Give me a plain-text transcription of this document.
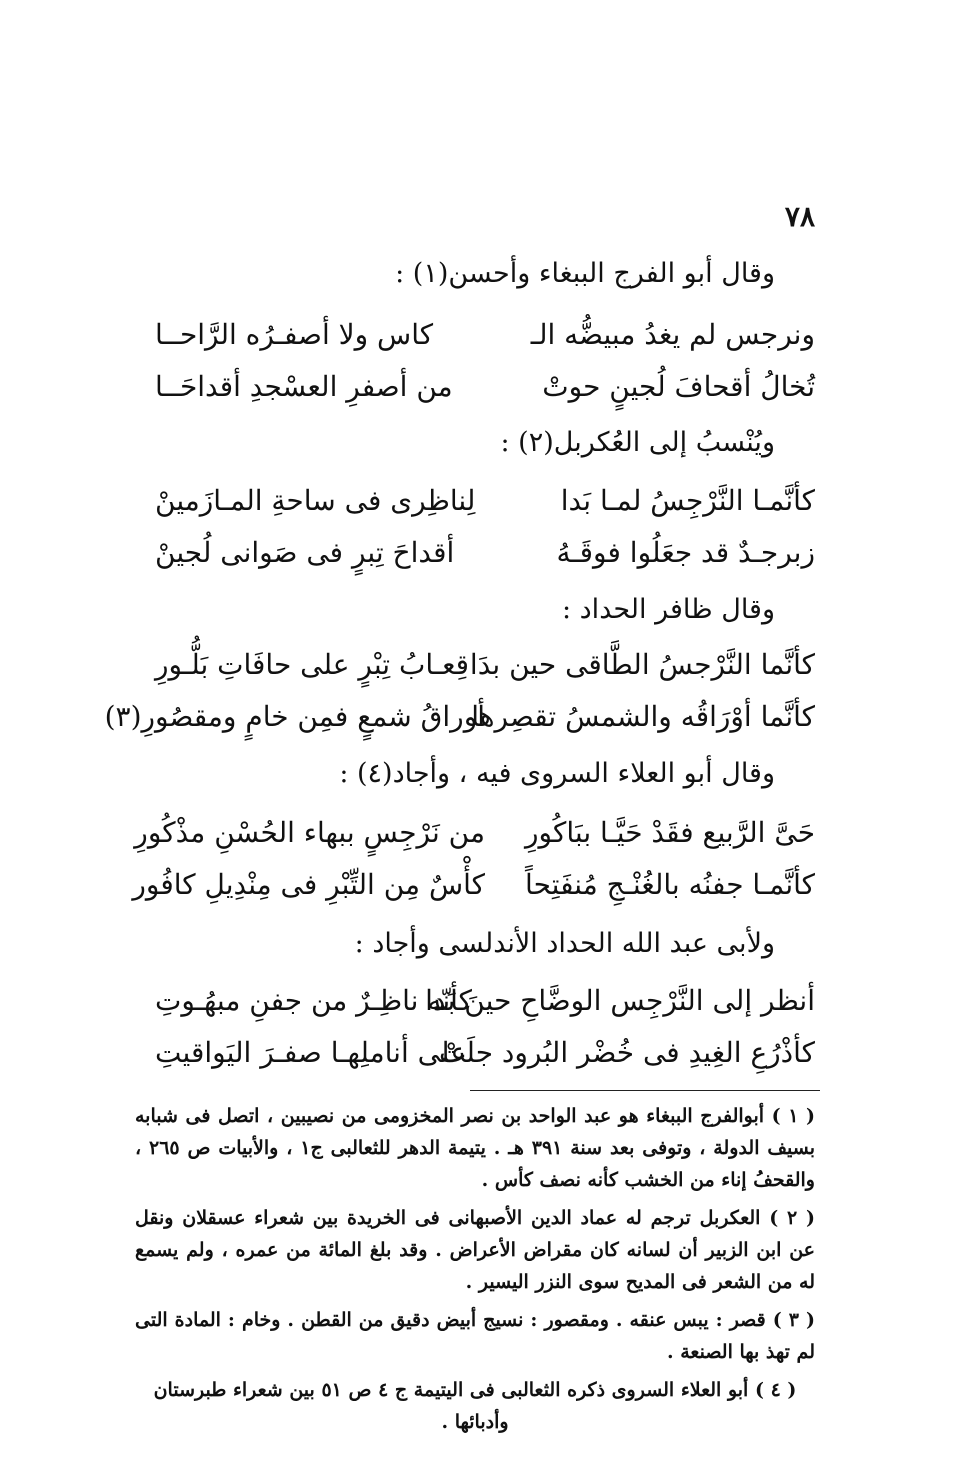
٧٨
وقال أبو الفرج الببغاء وأحسن(١) :
ونرجس لم يغدُ مبيضُّه الـ
كاس ولا أصفـرُه الرَّاحــا
تُخالُ أقحافَ لُجينٍ حوتْ
من أصفرِ العسْجدِ أقداحَــا
ويُنْسبُ إلى العُكربل(٢) :
كأنَّمـا النَّرْجِسُ لمـا بَدا
لِناظِرى فى ساحةِ المـازَمينْ
زبرجـدٌ قد جعَلُوا فوقَـهُ
أقداحَ تِبرٍ فى صَوانى لُجينْ
وقال ظافر الحداد :
كأنَّما النَّرْجسُ الطَّاقى حين بدَا
قِعـابُ تِبْرٍ على حافَاتِ بَلُّـورِ
كأنَّما أوْرَاقُه والشمسُ تقصِرها
أوراقُ شمعٍ فمِن خامٍ ومقصُورِ(٣)
وقال أبو العلاء السروى فيه ، وأجاد(٤) :
حَىَّ الرَّبيع فقَدْ حَيَّـا ببَاكُورِ
من نَرْجِسٍ ببهاء الحُسْنِ مذْكُورِ
كأنَّمـا جفنُه بالغُنْـجِ مُنفَتِحاً
كأْسٌ مِن التِّبْرِ فى مِنْدِيلِ كافُور
ولأبى عبد الله الحداد الأندلسى وأجاد :
أنظر إلى النَّرْجِس الوضَّاحِ حينَ بَدا
كأنّه ناظِـرٌ من جفنِ مبهُـوتِ
كأذْرُعِ الغِيدِ فى خُضْر البُرود جلَتْ
على أناملِهـا صفـرَ اليَواقيتِ

( ١ ) أبوالفرج الببغاء هو عبد الواحد بن نصر المخزومى من نصيبين ، اتصل فى شبابه بسيف الدولة ، وتوفى بعد سنة ٣٩١ هـ . يتيمة الدهر للثعالبى ج١ ، والأبيات ص ٢٦٥ ، والقحفُ إناء من الخشب كأنه نصف كأس .

( ٢ ) العكربل ترجم له عماد الدين الأصبهانى فى الخريدة بين شعراء عسقلان ونقل عن ابن الزبير أن لسانه كان مقراض الأعراض . وقد بلغ المائة من عمره ، ولم يسمع له من الشعر فى المديح سوى النزر اليسير .

( ٣ ) قصر : يبس عنقه . ومقصور : نسيج أبيض دقيق من القطن . وخام : المادة التى لم تهذ بها الصنعة .

( ٤ ) أبو العلاء السروى ذكره الثعالبى فى اليتيمة ج ٤ ص ٥١ بين شعراء طبرستان وأدبائها .
